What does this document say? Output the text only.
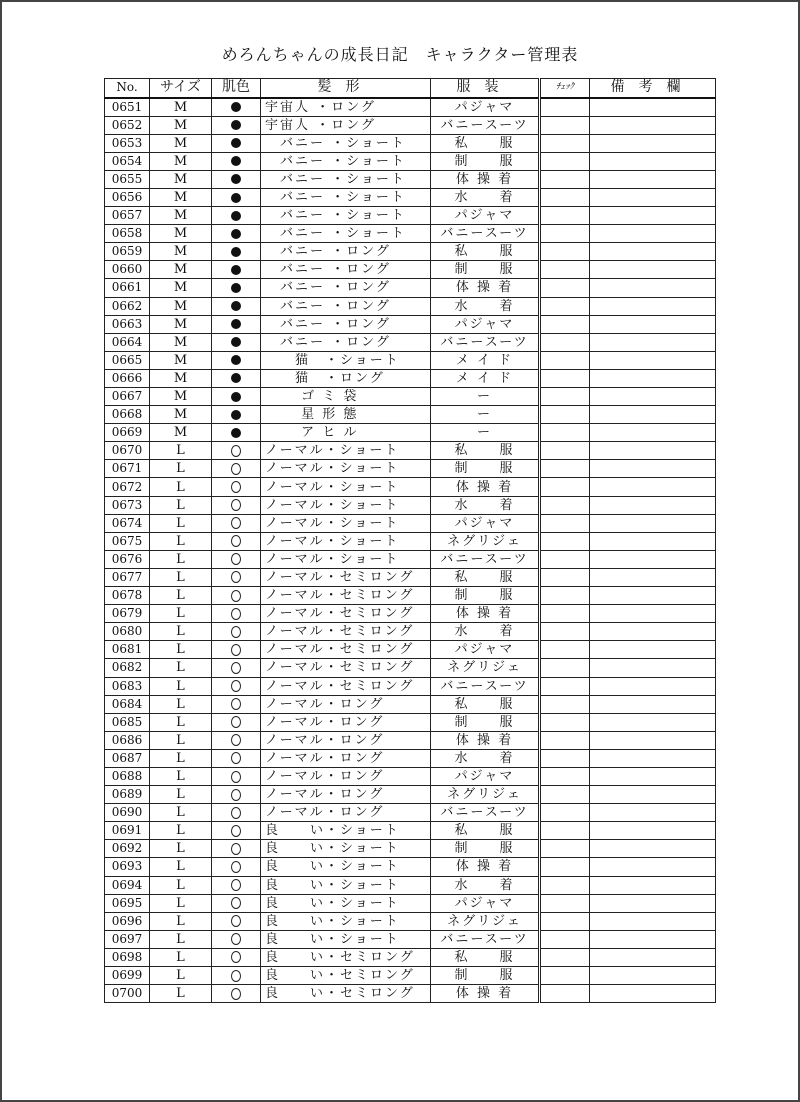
めろんちゃんの成長日記　キャラクター管理表
No.	サイズ	肌色	髪形	服装	ﾁｪｯｸ	備考欄
0651	M		宇宙人 ・ロング	パジャマ		
0652	M		宇宙人 ・ロング	バニースーツ		
0653	M		　バニー ・ショート	私　　服		
0654	M		　バニー ・ショート	制　　服		
0655	M		　バニー ・ショート	体 操 着		
0656	M		　バニー ・ショート	水　　着		
0657	M		　バニー ・ショート	パジャマ		
0658	M		　バニー ・ショート	バニースーツ		
0659	M		　バニー ・ロング	私　　服		
0660	M		　バニー ・ロング	制　　服		
0661	M		　バニー ・ロング	体 操 着		
0662	M		　バニー ・ロング	水　　着		
0663	M		　バニー ・ロング	パジャマ		
0664	M		　バニー ・ロング	バニースーツ		
0665	M		　　猫　・ショート	メ イ ド		
0666	M		　　猫　・ロング	メ イ ド		
0667	M		　　 ゴ ミ 袋	ー		
0668	M		　　 星 形 態	ー		
0669	M		　　 ア ヒ ル	ー		
0670	L		ノーマル・ショート	私　　服		
0671	L		ノーマル・ショート	制　　服		
0672	L		ノーマル・ショート	体 操 着		
0673	L		ノーマル・ショート	水　　着		
0674	L		ノーマル・ショート	パジャマ		
0675	L		ノーマル・ショート	ネグリジェ		
0676	L		ノーマル・ショート	バニースーツ		
0677	L		ノーマル・セミロング	私　　服		
0678	L		ノーマル・セミロング	制　　服		
0679	L		ノーマル・セミロング	体 操 着		
0680	L		ノーマル・セミロング	水　　着		
0681	L		ノーマル・セミロング	パジャマ		
0682	L		ノーマル・セミロング	ネグリジェ		
0683	L		ノーマル・セミロング	バニースーツ		
0684	L		ノーマル・ロング	私　　服		
0685	L		ノーマル・ロング	制　　服		
0686	L		ノーマル・ロング	体 操 着		
0687	L		ノーマル・ロング	水　　着		
0688	L		ノーマル・ロング	パジャマ		
0689	L		ノーマル・ロング	ネグリジェ		
0690	L		ノーマル・ロング	バニースーツ		
0691	L		良　　い・ショート	私　　服		
0692	L		良　　い・ショート	制　　服		
0693	L		良　　い・ショート	体 操 着		
0694	L		良　　い・ショート	水　　着		
0695	L		良　　い・ショート	パジャマ		
0696	L		良　　い・ショート	ネグリジェ		
0697	L		良　　い・ショート	バニースーツ		
0698	L		良　　い・セミロング	私　　服		
0699	L		良　　い・セミロング	制　　服		
0700	L		良　　い・セミロング	体 操 着		
